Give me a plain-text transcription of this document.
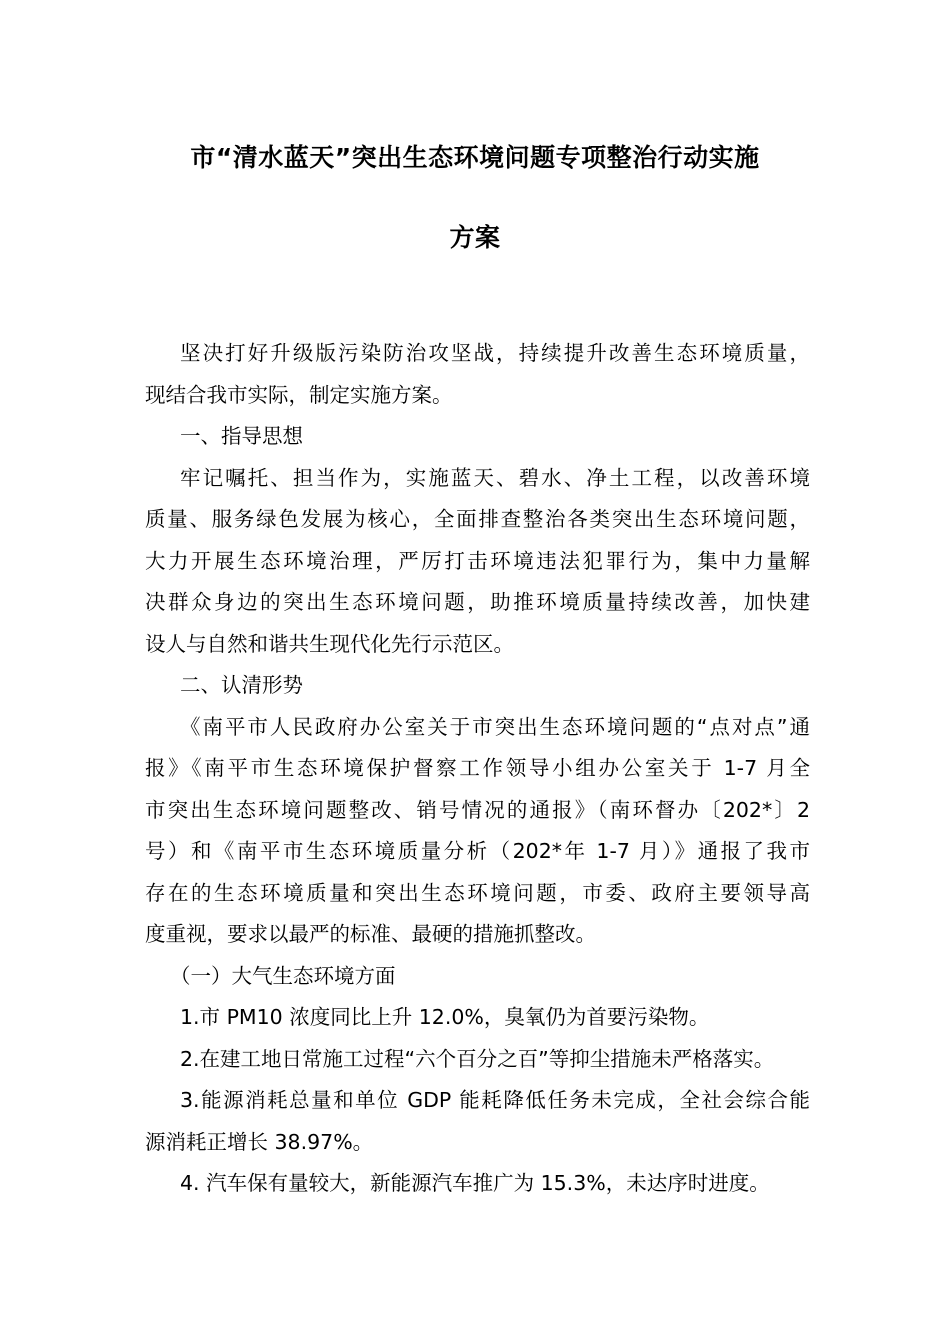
市“清水蓝天”突出生态环境问题专项整治行动实施
方案
坚决打好升级版污染防治攻坚战，持续提升改善生态环境质量，
现结合我市实际，制定实施方案。
一、指导思想
牢记嘱托、担当作为，实施蓝天、碧水、净土工程，以改善环境
质量、服务绿色发展为核心，全面排查整治各类突出生态环境问题，
大力开展生态环境治理，严厉打击环境违法犯罪行为，集中力量解
决群众身边的突出生态环境问题，助推环境质量持续改善，加快建
设人与自然和谐共生现代化先行示范区。
二、认清形势
《南平市人民政府办公室关于市突出生态环境问题的“点对点”通
报》《南平市生态环境保护督察工作领导小组办公室关于 1-7 月全
市突出生态环境问题整改、销号情况的通报》（南环督办〔202*〕2
号）和《南平市生态环境质量分析（202*年 1-7 月）》通报了我市
存在的生态环境质量和突出生态环境问题，市委、政府主要领导高
度重视，要求以最严的标准、最硬的措施抓整改。
（一）大气生态环境方面
1.市 PM10 浓度同比上升 12.0%，臭氧仍为首要污染物。
2.在建工地日常施工过程“六个百分之百”等抑尘措施未严格落实。
3.能源消耗总量和单位 GDP 能耗降低任务未完成，全社会综合能
源消耗正增长 38.97%。
4. 汽车保有量较大，新能源汽车推广为 15.3%，未达序时进度。
